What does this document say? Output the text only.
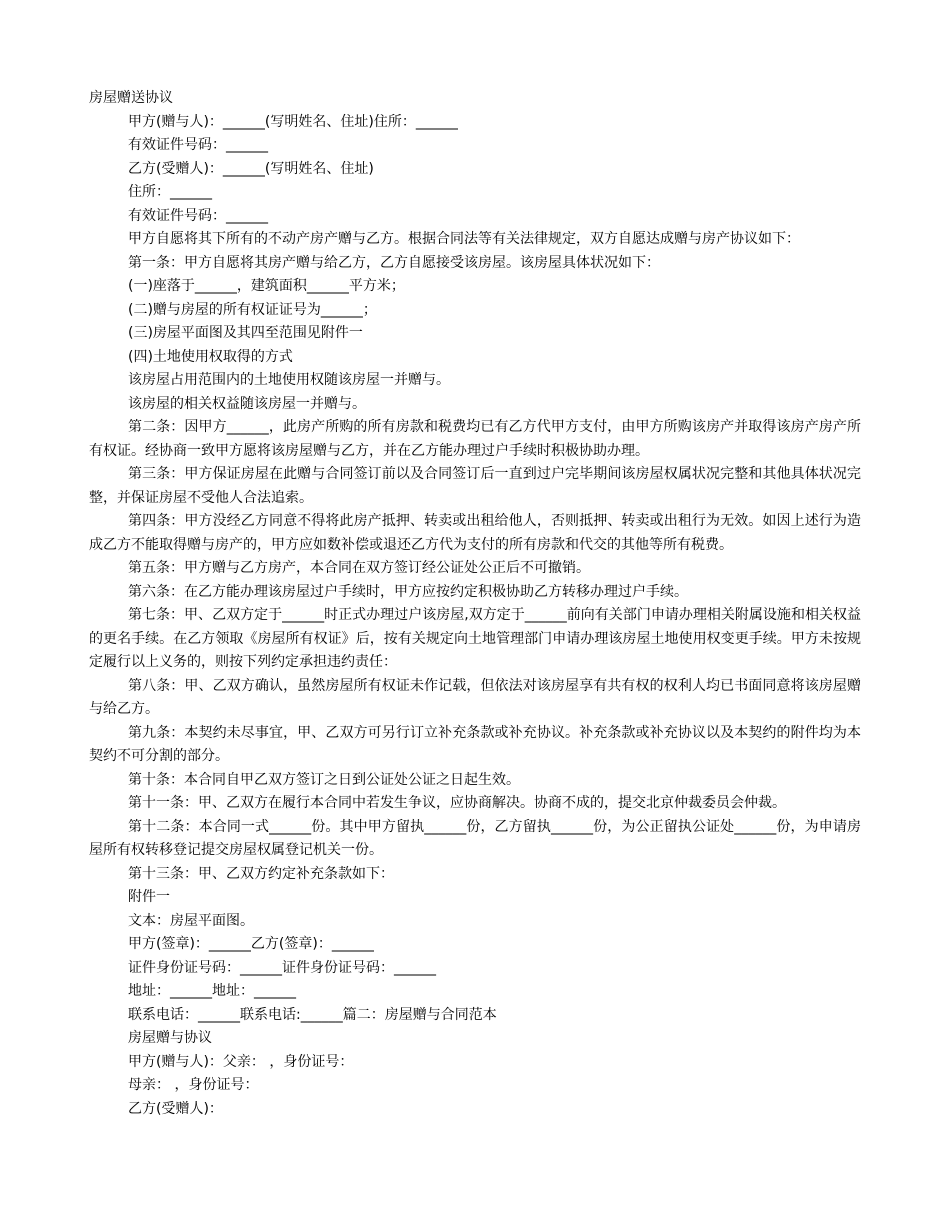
房屋赠送协议
甲方(赠与人)：______(写明姓名、住址)住所：______
有效证件号码：______
乙方(受赠人)：______(写明姓名、住址)
住所：______
有效证件号码：______

甲方自愿将其下所有的不动产房产赠与乙方。根据合同法等有关法律规定，双方自愿达成赠与房产协议如下：

第一条：甲方自愿将其房产赠与给乙方，乙方自愿接受该房屋。该房屋具体状况如下：
(一)座落于______，建筑面积______平方米；
(二)赠与房屋的所有权证证号为______；
(三)房屋平面图及其四至范围见附件一
(四)土地使用权取得的方式
该房屋占用范围内的土地使用权随该房屋一并赠与。
该房屋的相关权益随该房屋一并赠与。

第二条：因甲方______，此房产所购的所有房款和税费均已有乙方代甲方支付，由甲方所购该房产并取得该房产房产所有权证。经协商一致甲方愿将该房屋赠与乙方，并在乙方能办理过户手续时积极协助办理。

第三条：甲方保证房屋在此赠与合同签订前以及合同签订后一直到过户完毕期间该房屋权属状况完整和其他具体状况完整，并保证房屋不受他人合法追索。

第四条：甲方没经乙方同意不得将此房产抵押、转卖或出租给他人，否则抵押、转卖或出租行为无效。如因上述行为造成乙方不能取得赠与房产的，甲方应如数补偿或退还乙方代为支付的所有房款和代交的其他等所有税费。

第五条：甲方赠与乙方房产，本合同在双方签订经公证处公正后不可撤销。

第六条：在乙方能办理该房屋过户手续时，甲方应按约定积极协助乙方转移办理过户手续。

第七条：甲、乙双方定于______时正式办理过户该房屋,双方定于______前向有关部门申请办理相关附属设施和相关权益的更名手续。在乙方领取《房屋所有权证》后，按有关规定向土地管理部门申请办理该房屋土地使用权变更手续。甲方未按规定履行以上义务的，则按下列约定承担违约责任：

第八条：甲、乙双方确认，虽然房屋所有权证未作记载，但依法对该房屋享有共有权的权利人均已书面同意将该房屋赠与给乙方。

第九条：本契约未尽事宜，甲、乙双方可另行订立补充条款或补充协议。补充条款或补充协议以及本契约的附件均为本契约不可分割的部分。

第十条：本合同自甲乙双方签订之日到公证处公证之日起生效。

第十一条：甲、乙双方在履行本合同中若发生争议，应协商解决。协商不成的，提交北京仲裁委员会仲裁。

第十二条：本合同一式______份。其中甲方留执______份，乙方留执______份，为公正留执公证处______份，为申请房屋所有权转移登记提交房屋权属登记机关一份。

第十三条：甲、乙双方约定补充条款如下：
附件一
文本：房屋平面图。
甲方(签章)：______乙方(签章)：______
证件身份证号码：______证件身份证号码：______
地址：______地址：______
联系电话：______联系电话:______篇二：房屋赠与合同范本
房屋赠与协议
甲方(赠与人)：父亲： ，身份证号：
母亲： ，身份证号：
乙方(受赠人)：
